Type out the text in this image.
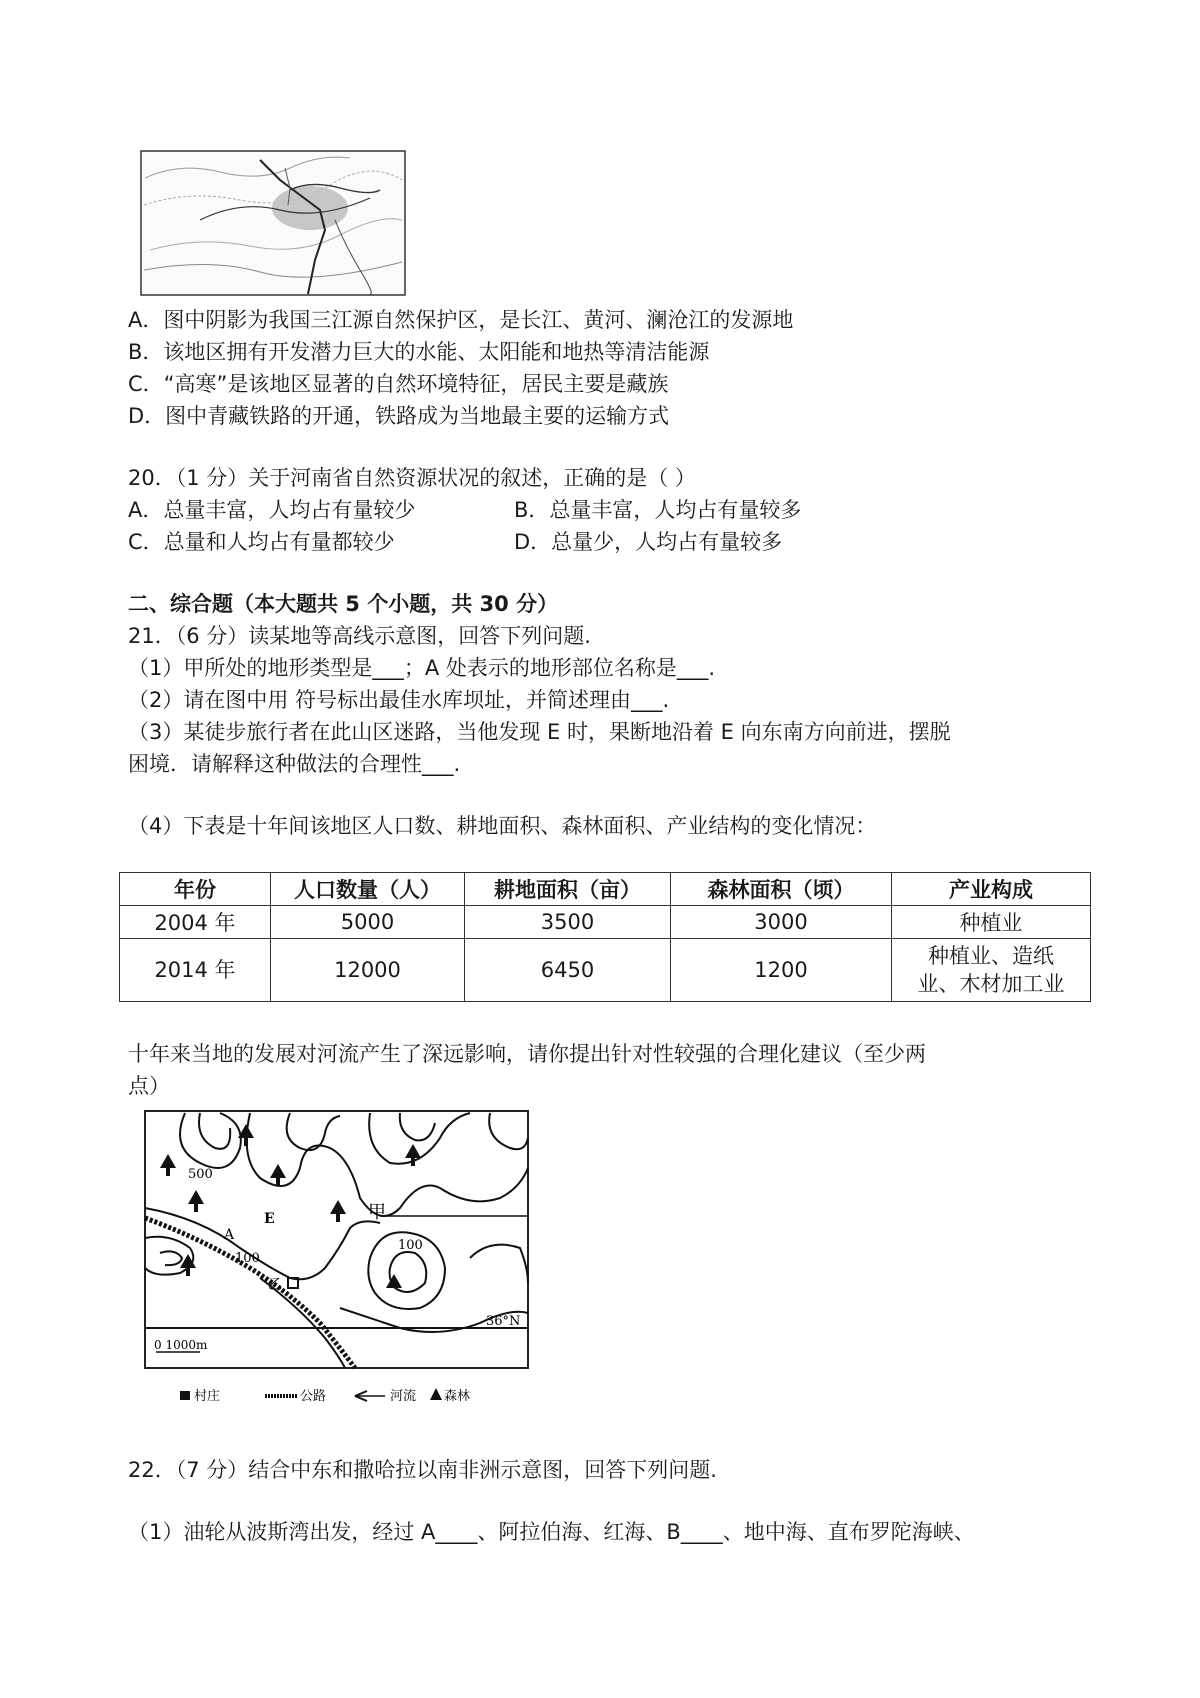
A．图中阴影为我国三江源自然保护区，是长江、黄河、澜沧江的发源地
B．该地区拥有开发潜力巨大的水能、太阳能和地热等清洁能源
C．“高寒”是该地区显著的自然环境特征，居民主要是藏族
D．图中青藏铁路的开通，铁路成为当地最主要的运输方式
20．（1 分）关于河南省自然资源状况的叙述，正确的是（ ）
A．总量丰富，人均占有量较少	B．总量丰富，人均占有量较多
C．总量和人均占有量都较少	D．总量少，人均占有量较多
二、综合题（本大题共 5 个小题，共 30 分）
21．（6 分）读某地等高线示意图，回答下列问题.
（1）甲所处的地形类型是___；A 处表示的地形部位名称是___.
（2）请在图中用 符号标出最佳水库坝址，并简述理由___.
（3）某徒步旅行者在此山区迷路，当他发现 E 时，果断地沿着 E 向东南方向前进，摆脱
困境．请解释这种做法的合理性___.
（4）下表是十年间该地区人口数、耕地面积、森林面积、产业结构的变化情况：
年份	人口数量（人）	耕地面积（亩）	森林面积（顷）	产业构成
2004 年	5000	3500	3000	种植业
2014 年	12000	6450	1200	种植业、造纸
业、木材加工业
十年来当地的发展对河流产生了深远影响，请你提出针对性较强的合理化建议（至少两
点）
500
100
100
A
E	甲
乙
36°N
0 1000m
村庄	公路	河流 森林
22．（7 分）结合中东和撒哈拉以南非洲示意图，回答下列问题.
（1）油轮从波斯湾出发，经过 A____、阿拉伯海、红海、B____、地中海、直布罗陀海峡、
